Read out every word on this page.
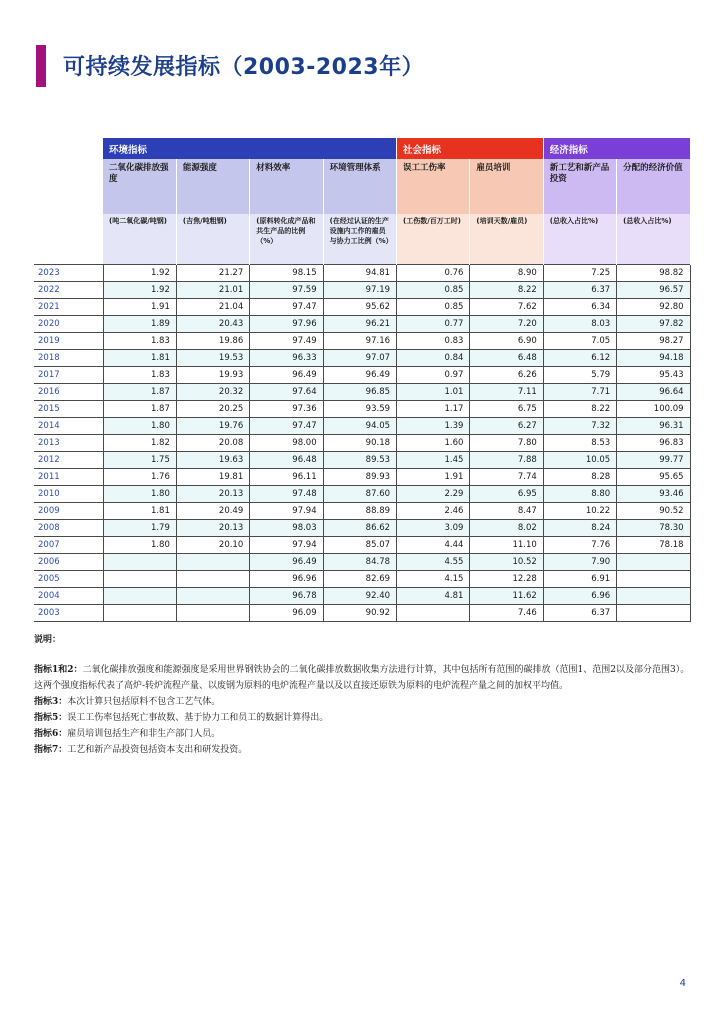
可持续发展指标（2003-2023年）
	环境指标				社会指标		经济指标	
	二氧化碳排放强度	能源强度	材料效率	环境管理体系	误工工伤率	雇员培训	新工艺和新产品投资	分配的经济价值
	(吨二氧化碳/吨钢)	(吉焦/吨粗钢)	(原料转化成产品和共生产品的比例（%）	(在经过认证的生产设施内工作的雇员与协力工比例（%）	(工伤数/百万工时)	(培训天数/雇员)	(总收入占比%)	(总收入占比%)
2023	1.92	21.27	98.15	94.81	0.76	8.90	7.25	98.82
2022	1.92	21.01	97.59	97.19	0.85	8.22	6.37	96.57
2021	1.91	21.04	97.47	95.62	0.85	7.62	6.34	92.80
2020	1.89	20.43	97.96	96.21	0.77	7.20	8.03	97.82
2019	1.83	19.86	97.49	97.16	0.83	6.90	7.05	98.27
2018	1.81	19.53	96.33	97.07	0.84	6.48	6.12	94.18
2017	1.83	19.93	96.49	96.49	0.97	6.26	5.79	95.43
2016	1.87	20.32	97.64	96.85	1.01	7.11	7.71	96.64
2015	1.87	20.25	97.36	93.59	1.17	6.75	8.22	100.09
2014	1.80	19.76	97.47	94.05	1.39	6.27	7.32	96.31
2013	1.82	20.08	98.00	90.18	1.60	7.80	8.53	96.83
2012	1.75	19.63	96.48	89.53	1.45	7.88	10.05	99.77
2011	1.76	19.81	96.11	89.93	1.91	7.74	8.28	95.65
2010	1.80	20.13	97.48	87.60	2.29	6.95	8.80	93.46
2009	1.81	20.49	97.94	88.89	2.46	8.47	10.22	90.52
2008	1.79	20.13	98.03	86.62	3.09	8.02	8.24	78.30
2007	1.80	20.10	97.94	85.07	4.44	11.10	7.76	78.18
2006			96.49	84.78	4.55	10.52	7.90	
2005			96.96	82.69	4.15	12.28	6.91	
2004			96.78	92.40	4.81	11.62	6.96	
2003			96.09	90.92		7.46	6.37	
说明：
指标1和2：二氧化碳排放强度和能源强度是采用世界钢铁协会的二氧化碳排放数据收集方法进行计算，其中包括所有范围的碳排放（范围1、范围2以及部分范围3）。这两个强度指标代表了高炉-转炉流程产量、以废钢为原料的电炉流程产量以及以直接还原铁为原料的电炉流程产量之间的加权平均值。
指标3：本次计算只包括原料不包含工艺气体。
指标5：误工工伤率包括死亡事故数、基于协力工和员工的数据计算得出。
指标6：雇员培训包括生产和非生产部门人员。
指标7：工艺和新产品投资包括资本支出和研发投资。
4
